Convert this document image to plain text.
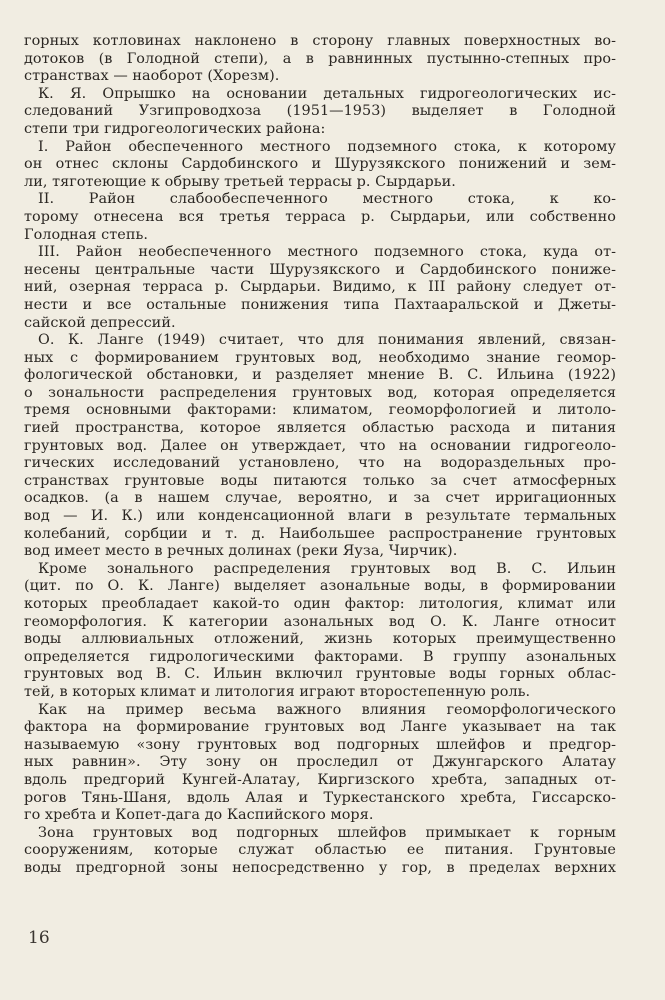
горных котловинах наклонено в сторону главных поверхностных во-
дотоков (в Голодной степи), а в равнинных пустынно-степных про-
странствах — наоборот (Хорезм).
К. Я. Опрышко на основании детальных гидрогеологических ис-
следований Узгипроводхоза (1951—1953) выделяет в Голодной
степи три гидрогеологических района:
I. Район обеспеченного местного подземного стока, к которому
он отнес склоны Сардобинского и Шурузякского понижений и зем-
ли, тяготеющие к обрыву третьей террасы р. Сырдарьи.
II. Район слабообеспеченного местного стока, к ко-
торому отнесена вся третья терраса р. Сырдарьи, или собственно
Голодная степь.
III. Район необеспеченного местного подземного стока, куда от-
несены центральные части Шурузякского и Сардобинского пониже-
ний, озерная терраса р. Сырдарьи. Видимо, к III району следует от-
нести и все остальные понижения типа Пахтааральской и Джеты-
сайской депрессий.
О. К. Ланге (1949) считает, что для понимания явлений, связан-
ных с формированием грунтовых вод, необходимо знание геомор-
фологической обстановки, и разделяет мнение В. С. Ильина (1922)
о зональности распределения грунтовых вод, которая определяется
тремя основными факторами: климатом, геоморфологией и литоло-
гией пространства, которое является областью расхода и питания
грунтовых вод. Далее он утверждает, что на основании гидрогеоло-
гических исследований установлено, что на водораздельных про-
странствах грунтовые воды питаются только за счет атмосферных
осадков. (а в нашем случае, вероятно, и за счет ирригационных
вод — И. К.) или конденсационной влаги в результате термальных
колебаний, сорбции и т. д. Наибольшее распространение грунтовых
вод имеет место в речных долинах (реки Яуза, Чирчик).
Кроме зонального распределения грунтовых вод В. С. Ильин
(цит. по О. К. Ланге) выделяет азональные воды, в формировании
которых преобладает какой-то один фактор: литология, климат или
геоморфология. К категории азональных вод О. К. Ланге относит
воды аллювиальных отложений, жизнь которых преимущественно
определяется гидрологическими факторами. В группу азональных
грунтовых вод В. С. Ильин включил грунтовые воды горных облас-
тей, в которых климат и литология играют второстепенную роль.
Как на пример весьма важного влияния геоморфологического
фактора на формирование грунтовых вод Ланге указывает на так
называемую «зону грунтовых вод подгорных шлейфов и предгор-
ных равнин». Эту зону он проследил от Джунгарского Алатау
вдоль предгорий Кунгей-Алатау, Киргизского хребта, западных от-
рогов Тянь-Шаня, вдоль Алая и Туркестанского хребта, Гиссарско-
го хребта и Копет-дага до Каспийского моря.
Зона грунтовых вод подгорных шлейфов примыкает к горным
сооружениям, которые служат областью ее питания. Грунтовые
воды предгорной зоны непосредственно у гор, в пределах верхних
16
